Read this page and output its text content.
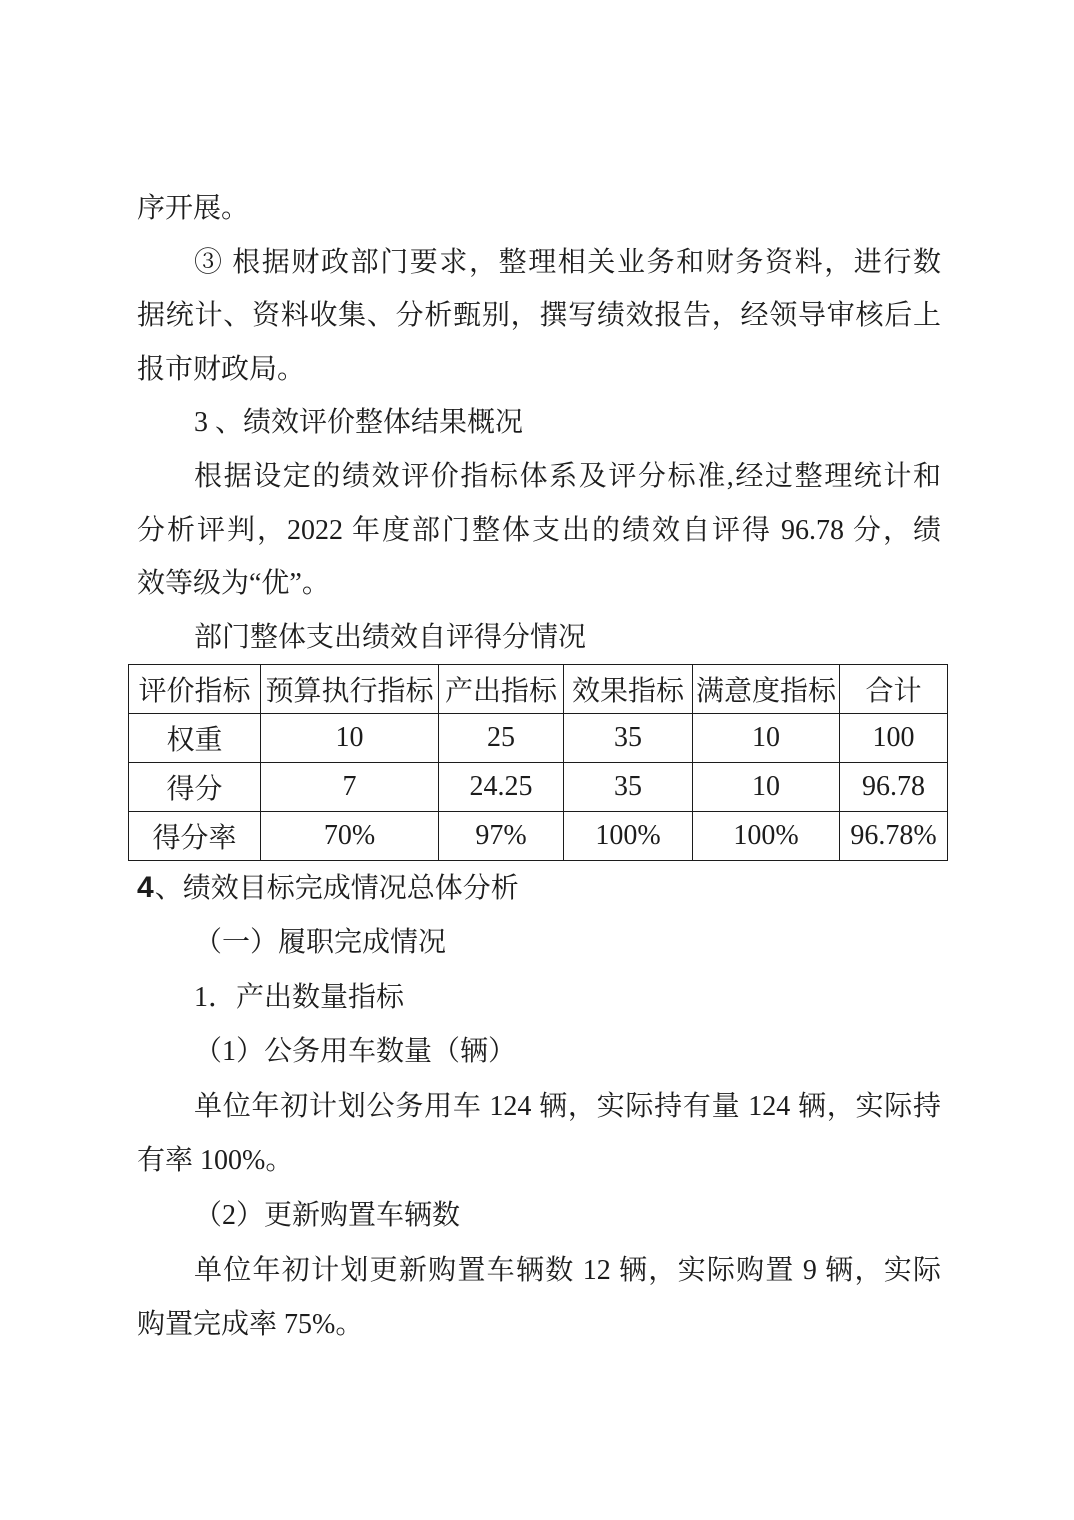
序开展。
③ 根据财政部门要求，整理相关业务和财务资料，进行数
据统计、资料收集、分析甄别，撰写绩效报告，经领导审核后上
报市财政局。
3 、绩效评价整体结果概况
根据设定的绩效评价指标体系及评分标准,经过整理统计和
分析评判，2022 年度部门整体支出的绩效自评得 96.78 分，绩
效等级为“优”。
部门整体支出绩效自评得分情况
评价指标	预算执行指标	产出指标	效果指标	满意度指标	合计
权重	10	25	35	10	100
得分	7	24.25	35	10	96.78
得分率	70%	97%	100%	100%	96.78%
4、绩效目标完成情况总体分析
（一）履职完成情况
1．产出数量指标
（1）公务用车数量（辆）
单位年初计划公务用车 124 辆，实际持有量 124 辆，实际持
有率 100%。
（2）更新购置车辆数
单位年初计划更新购置车辆数 12 辆，实际购置 9 辆，实际
购置完成率 75%。
